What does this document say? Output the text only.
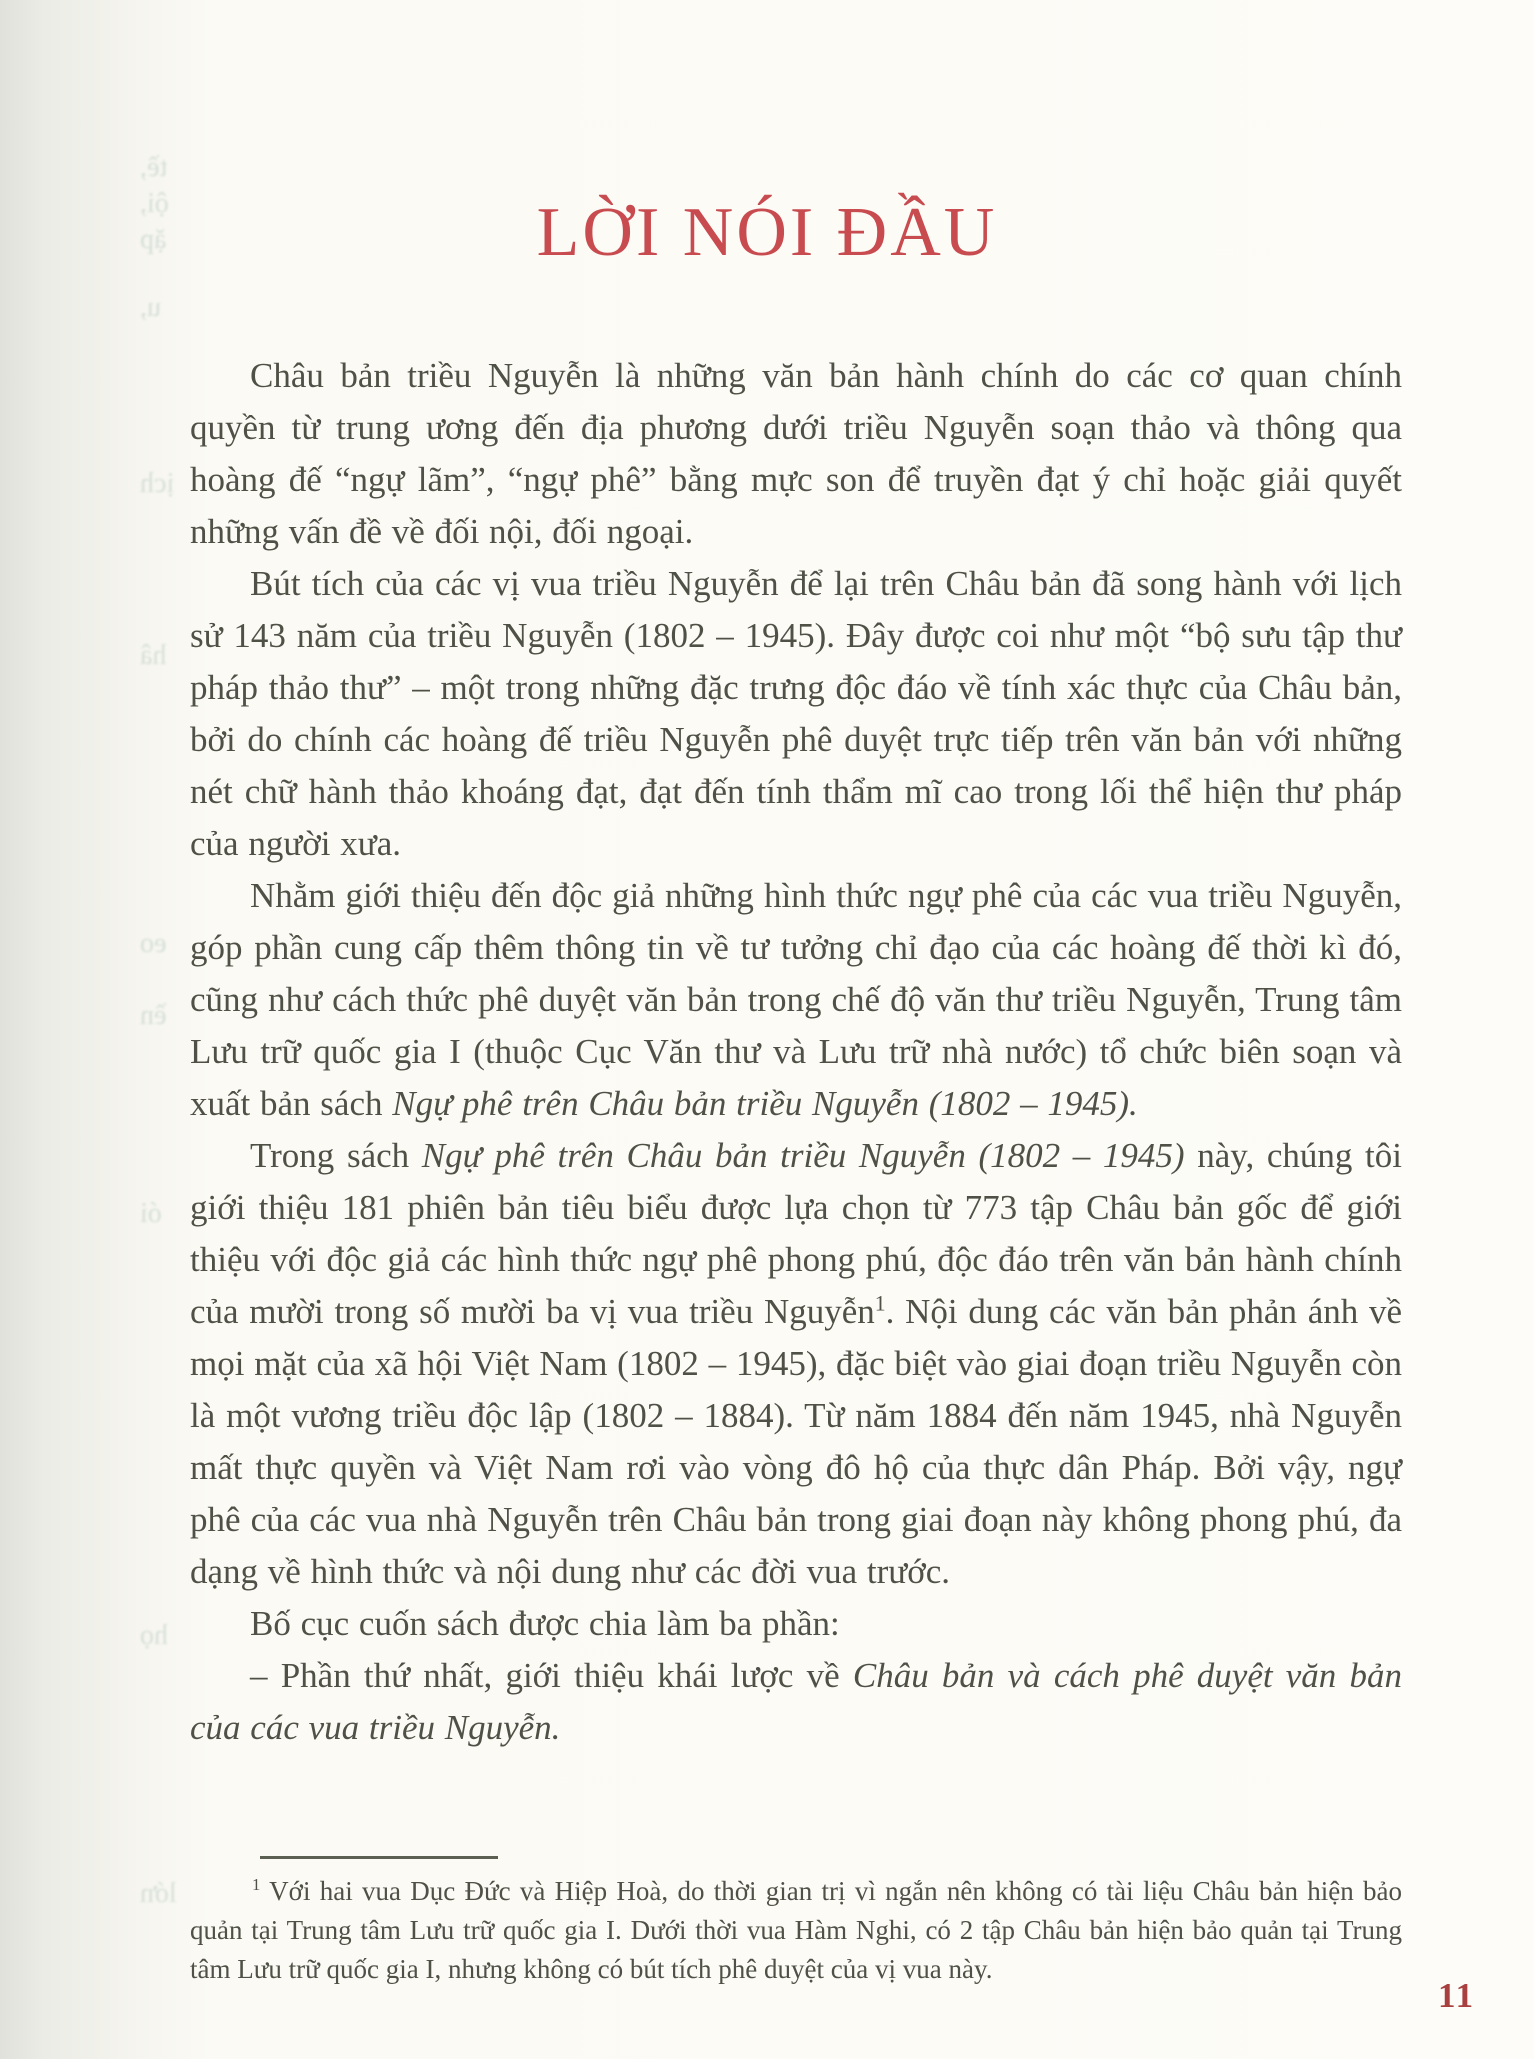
tề,
ội,
ặp
u,
ịch
hâ
eo
ền
ói
họ
lớn
LỜI NÓI ĐẦU

Châu bản triều Nguyễn là những văn bản hành chính do các cơ quan chính quyền từ trung ương đến địa phương dưới triều Nguyễn soạn thảo và thông qua hoàng đế “ngự lãm”, “ngự phê” bằng mực son để truyền đạt ý chỉ hoặc giải quyết những vấn đề về đối nội, đối ngoại.

Bút tích của các vị vua triều Nguyễn để lại trên Châu bản đã song hành với lịch sử 143 năm của triều Nguyễn (1802 – 1945). Đây được coi như một “bộ sưu tập thư pháp thảo thư” – một trong những đặc trưng độc đáo về tính xác thực của Châu bản, bởi do chính các hoàng đế triều Nguyễn phê duyệt trực tiếp trên văn bản với những nét chữ hành thảo khoáng đạt, đạt đến tính thẩm mĩ cao trong lối thể hiện thư pháp của người xưa.

Nhằm giới thiệu đến độc giả những hình thức ngự phê của các vua triều Nguyễn, góp phần cung cấp thêm thông tin về tư tưởng chỉ đạo của các hoàng đế thời kì đó, cũng như cách thức phê duyệt văn bản trong chế độ văn thư triều Nguyễn, Trung tâm Lưu trữ quốc gia I (thuộc Cục Văn thư và Lưu trữ nhà nước) tổ chức biên soạn và xuất bản sách Ngự phê trên Châu bản triều Nguyễn (1802 – 1945).

Trong sách Ngự phê trên Châu bản triều Nguyễn (1802 – 1945) này, chúng tôi giới thiệu 181 phiên bản tiêu biểu được lựa chọn từ 773 tập Châu bản gốc để giới thiệu với độc giả các hình thức ngự phê phong phú, độc đáo trên văn bản hành chính của mười trong số mười ba vị vua triều Nguyễn$^1$. Nội dung các văn bản phản ánh về mọi mặt của xã hội Việt Nam (1802 – 1945), đặc biệt vào giai đoạn triều Nguyễn còn là một vương triều độc lập (1802 – 1884). Từ năm 1884 đến năm 1945, nhà Nguyễn mất thực quyền và Việt Nam rơi vào vòng đô hộ của thực dân Pháp. Bởi vậy, ngự phê của các vua nhà Nguyễn trên Châu bản trong giai đoạn này không phong phú, đa dạng về hình thức và nội dung như các đời vua trước.

Bố cục cuốn sách được chia làm ba phần:

– Phần thứ nhất, giới thiệu khái lược về Châu bản và cách phê duyệt văn bản của các vua triều Nguyễn.

$^1$ Với hai vua Dục Đức và Hiệp Hoà, do thời gian trị vì ngắn nên không có tài liệu Châu bản hiện bảo quản tại Trung tâm Lưu trữ quốc gia I. Dưới thời vua Hàm Nghi, có 2 tập Châu bản hiện bảo quản tại Trung tâm Lưu trữ quốc gia I, nhưng không có bút tích phê duyệt của vị vua này.
11
